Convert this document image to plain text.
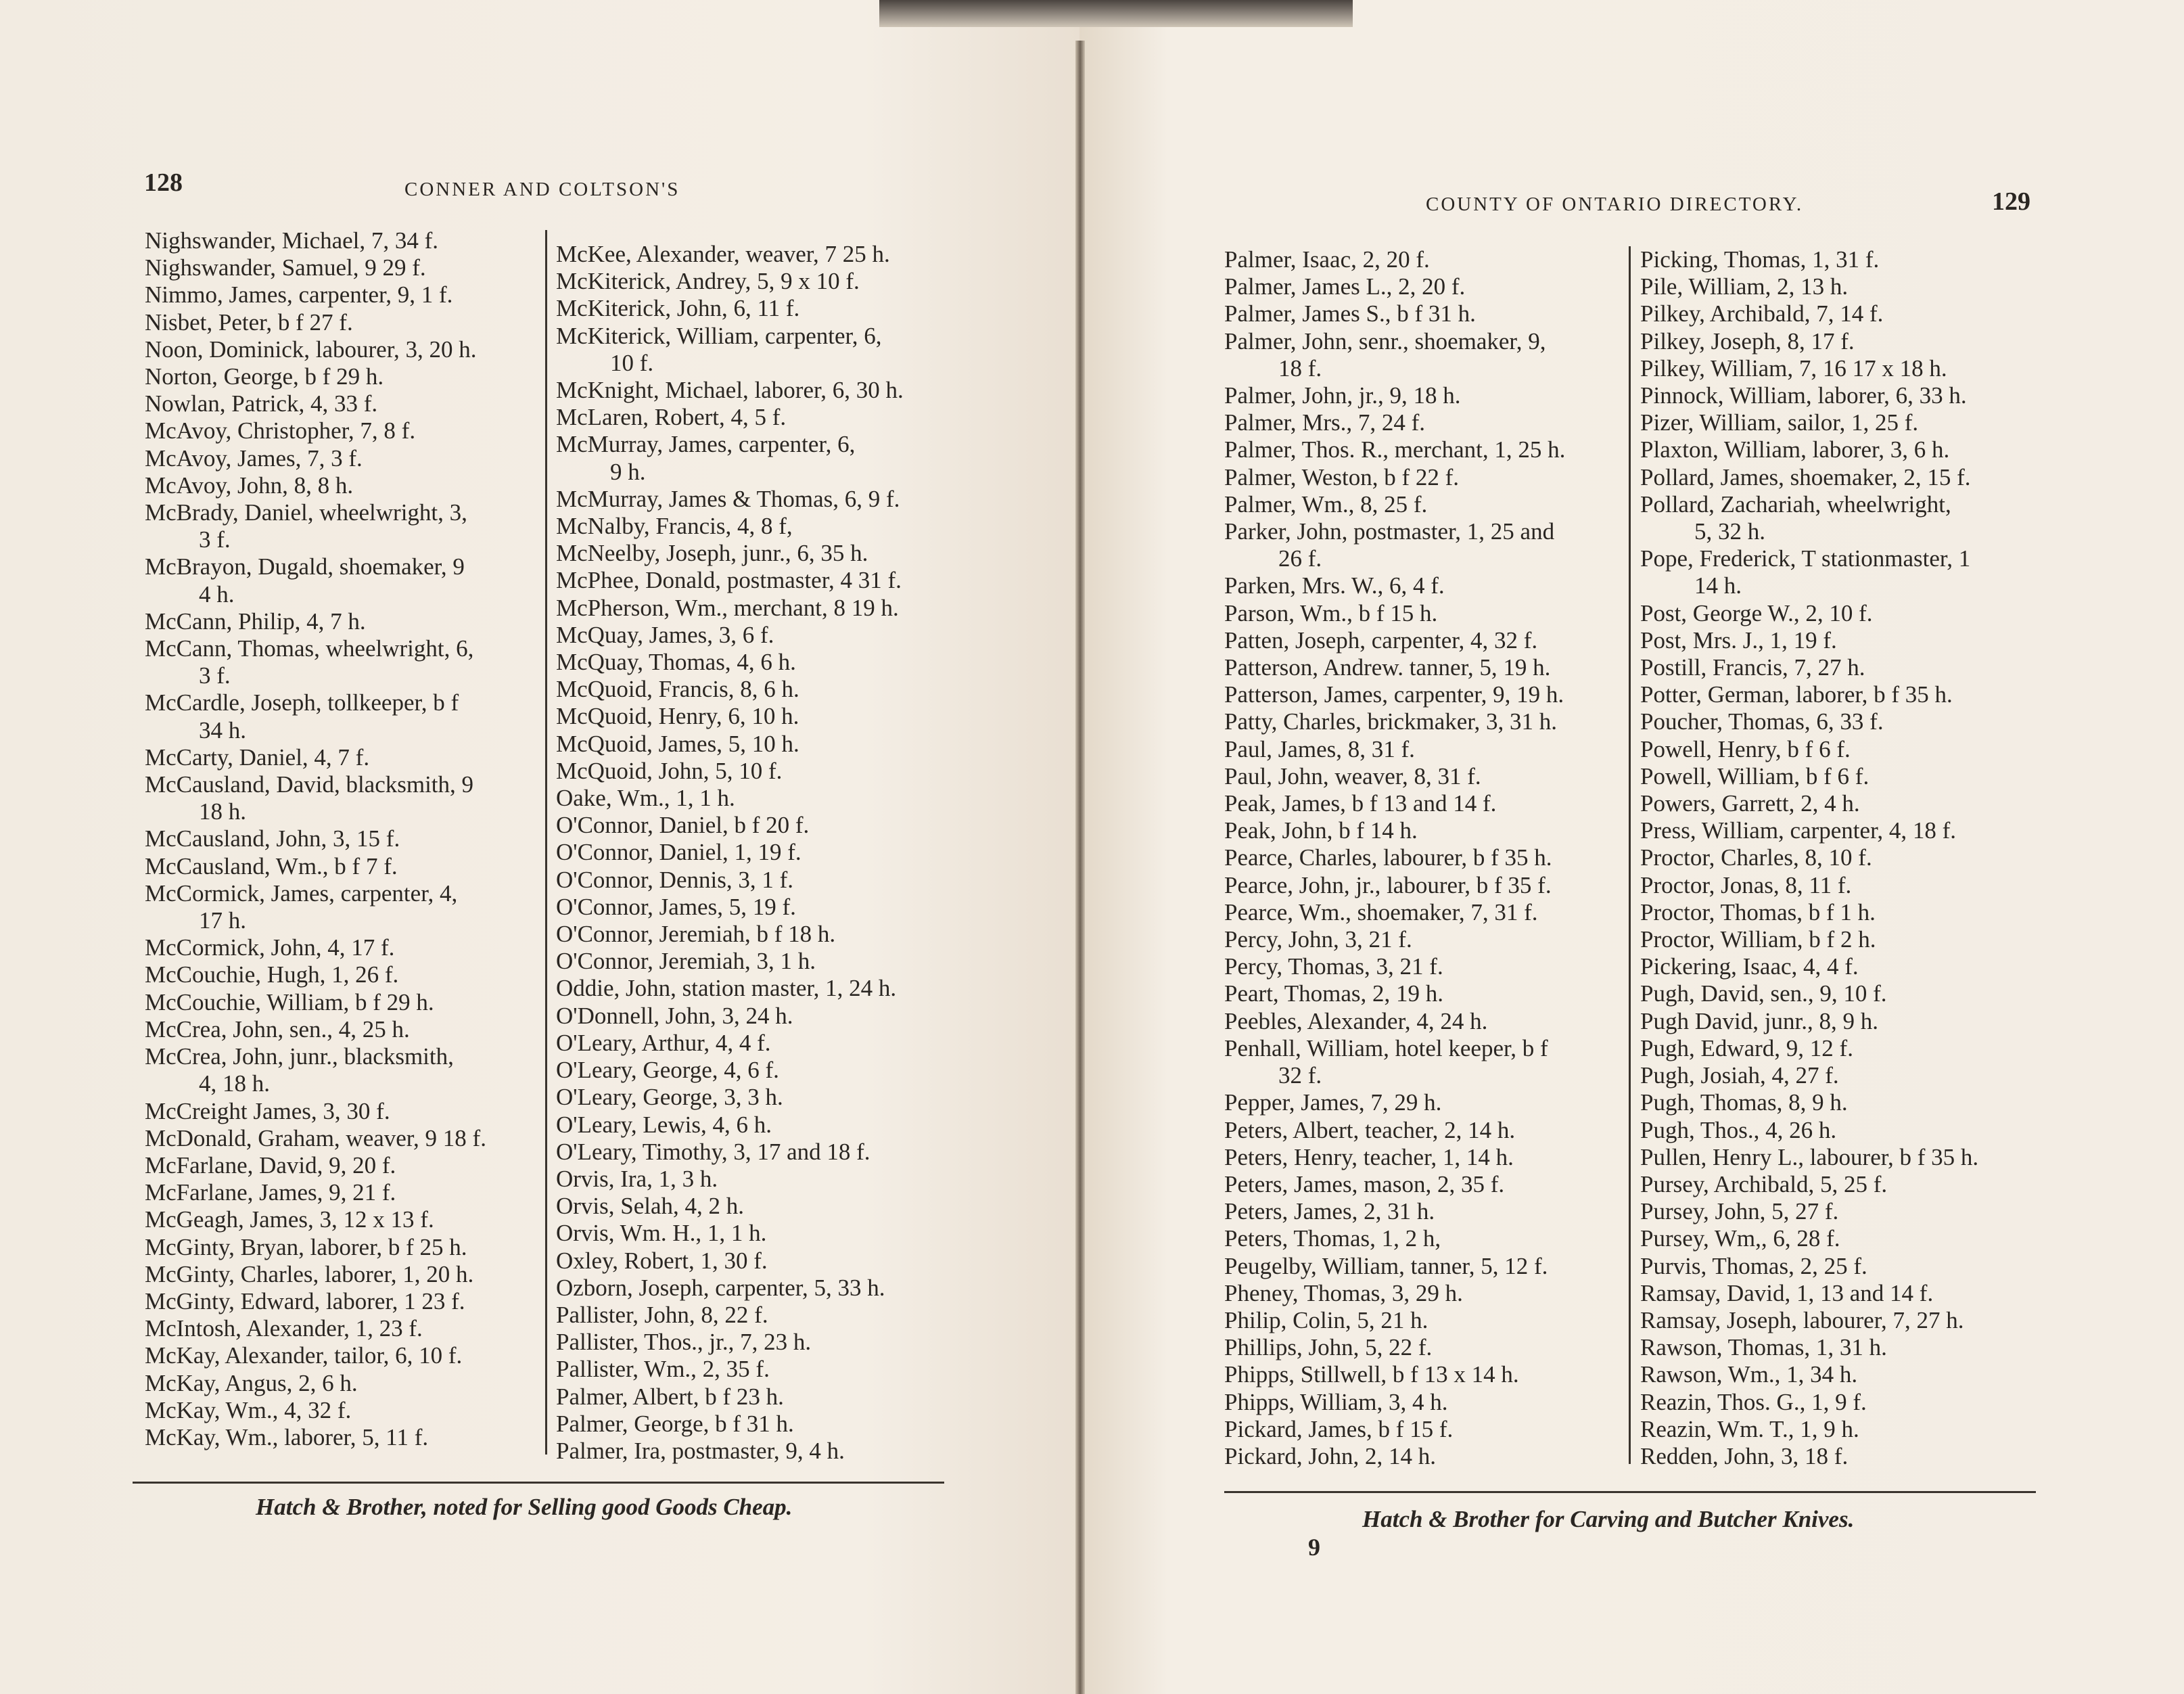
128	CONNER AND COLTSON'S
Nighswander, Michael, 7, 34 f.
Nighswander, Samuel, 9 29 f.
Nimmo, James, carpenter, 9, 1 f.
Nisbet, Peter, b f 27 f.
Noon, Dominick, labourer, 3, 20 h.
Norton, George, b f 29 h.
Nowlan, Patrick, 4, 33 f.
McAvoy, Christopher, 7, 8 f.
McAvoy, James, 7, 3 f.
McAvoy, John, 8, 8 h.
McBrady, Daniel, wheelwright, 3,
3 f.
McBrayon, Dugald, shoemaker, 9
4 h.
McCann, Philip, 4, 7 h.
McCann, Thomas, wheelwright, 6,
3 f.
McCardle, Joseph, tollkeeper, b f
34 h.
McCarty, Daniel, 4, 7 f.
McCausland, David, blacksmith, 9
18 h.
McCausland, John, 3, 15 f.
McCausland, Wm., b f 7 f.
McCormick, James, carpenter, 4,
17 h.
McCormick, John, 4, 17 f.
McCouchie, Hugh, 1, 26 f.
McCouchie, William, b f 29 h.
McCrea, John, sen., 4, 25 h.
McCrea, John, junr., blacksmith,
4, 18 h.
McCreight James, 3, 30 f.
McDonald, Graham, weaver, 9 18 f.
McFarlane, David, 9, 20 f.
McFarlane, James, 9, 21 f.
McGeagh, James, 3, 12 x 13 f.
McGinty, Bryan, laborer, b f 25 h.
McGinty, Charles, laborer, 1, 20 h.
McGinty, Edward, laborer, 1 23 f.
McIntosh, Alexander, 1, 23 f.
McKay, Alexander, tailor, 6, 10 f.
McKay, Angus, 2, 6 h.
McKay, Wm., 4, 32 f.
McKay, Wm., laborer, 5, 11 f.
McKee, Alexander, weaver, 7 25 h.
McKiterick, Andrey, 5, 9 x 10 f.
McKiterick, John, 6, 11 f.
McKiterick, William, carpenter, 6,
10 f.
McKnight, Michael, laborer, 6, 30 h.
McLaren, Robert, 4, 5 f.
McMurray, James, carpenter, 6,
9 h.
McMurray, James & Thomas, 6, 9 f.
McNalby, Francis, 4, 8 f,
McNeelby, Joseph, junr., 6, 35 h.
McPhee, Donald, postmaster, 4 31 f.
McPherson, Wm., merchant, 8 19 h.
McQuay, James, 3, 6 f.
McQuay, Thomas, 4, 6 h.
McQuoid, Francis, 8, 6 h.
McQuoid, Henry, 6, 10 h.
McQuoid, James, 5, 10 h.
McQuoid, John, 5, 10 f.
Oake, Wm., 1, 1 h.
O'Connor, Daniel, b f 20 f.
O'Connor, Daniel, 1, 19 f.
O'Connor, Dennis, 3, 1 f.
O'Connor, James, 5, 19 f.
O'Connor, Jeremiah, b f 18 h.
O'Connor, Jeremiah, 3, 1 h.
Oddie, John, station master, 1, 24 h.
O'Donnell, John, 3, 24 h.
O'Leary, Arthur, 4, 4 f.
O'Leary, George, 4, 6 f.
O'Leary, George, 3, 3 h.
O'Leary, Lewis, 4, 6 h.
O'Leary, Timothy, 3, 17 and 18 f.
Orvis, Ira, 1, 3 h.
Orvis, Selah, 4, 2 h.
Orvis, Wm. H., 1, 1 h.
Oxley, Robert, 1, 30 f.
Ozborn, Joseph, carpenter, 5, 33 h.
Pallister, John, 8, 22 f.
Pallister, Thos., jr., 7, 23 h.
Pallister, Wm., 2, 35 f.
Palmer, Albert, b f 23 h.
Palmer, George, b f 31 h.
Palmer, Ira, postmaster, 9, 4 h.
Hatch & Brother, noted for Selling good Goods Cheap.
COUNTY OF ONTARIO DIRECTORY.	129
Palmer, Isaac, 2, 20 f.
Palmer, James L., 2, 20 f.
Palmer, James S., b f 31 h.
Palmer, John, senr., shoemaker, 9,
18 f.
Palmer, John, jr., 9, 18 h.
Palmer, Mrs., 7, 24 f.
Palmer, Thos. R., merchant, 1, 25 h.
Palmer, Weston, b f 22 f.
Palmer, Wm., 8, 25 f.
Parker, John, postmaster, 1, 25 and
26 f.
Parken, Mrs. W., 6, 4 f.
Parson, Wm., b f 15 h.
Patten, Joseph, carpenter, 4, 32 f.
Patterson, Andrew. tanner, 5, 19 h.
Patterson, James, carpenter, 9, 19 h.
Patty, Charles, brickmaker, 3, 31 h.
Paul, James, 8, 31 f.
Paul, John, weaver, 8, 31 f.
Peak, James, b f 13 and 14 f.
Peak, John, b f 14 h.
Pearce, Charles, labourer, b f 35 h.
Pearce, John, jr., labourer, b f 35 f.
Pearce, Wm., shoemaker, 7, 31 f.
Percy, John, 3, 21 f.
Percy, Thomas, 3, 21 f.
Peart, Thomas, 2, 19 h.
Peebles, Alexander, 4, 24 h.
Penhall, William, hotel keeper, b f
32 f.
Pepper, James, 7, 29 h.
Peters, Albert, teacher, 2, 14 h.
Peters, Henry, teacher, 1, 14 h.
Peters, James, mason, 2, 35 f.
Peters, James, 2, 31 h.
Peters, Thomas, 1, 2 h,
Peugelby, William, tanner, 5, 12 f.
Pheney, Thomas, 3, 29 h.
Philip, Colin, 5, 21 h.
Phillips, John, 5, 22 f.
Phipps, Stillwell, b f 13 x 14 h.
Phipps, William, 3, 4 h.
Pickard, James, b f 15 f.
Pickard, John, 2, 14 h.
Picking, Thomas, 1, 31 f.
Pile, William, 2, 13 h.
Pilkey, Archibald, 7, 14 f.
Pilkey, Joseph, 8, 17 f.
Pilkey, William, 7, 16 17 x 18 h.
Pinnock, William, laborer, 6, 33 h.
Pizer, William, sailor, 1, 25 f.
Plaxton, William, laborer, 3, 6 h.
Pollard, James, shoemaker, 2, 15 f.
Pollard, Zachariah, wheelwright,
5, 32 h.
Pope, Frederick, T stationmaster, 1
14 h.
Post, George W., 2, 10 f.
Post, Mrs. J., 1, 19 f.
Postill, Francis, 7, 27 h.
Potter, German, laborer, b f 35 h.
Poucher, Thomas, 6, 33 f.
Powell, Henry, b f 6 f.
Powell, William, b f 6 f.
Powers, Garrett, 2, 4 h.
Press, William, carpenter, 4, 18 f.
Proctor, Charles, 8, 10 f.
Proctor, Jonas, 8, 11 f.
Proctor, Thomas, b f 1 h.
Proctor, William, b f 2 h.
Pickering, Isaac, 4, 4 f.
Pugh, David, sen., 9, 10 f.
Pugh David, junr., 8, 9 h.
Pugh, Edward, 9, 12 f.
Pugh, Josiah, 4, 27 f.
Pugh, Thomas, 8, 9 h.
Pugh, Thos., 4, 26 h.
Pullen, Henry L., labourer, b f 35 h.
Pursey, Archibald, 5, 25 f.
Pursey, John, 5, 27 f.
Pursey, Wm,, 6, 28 f.
Purvis, Thomas, 2, 25 f.
Ramsay, David, 1, 13 and 14 f.
Ramsay, Joseph, labourer, 7, 27 h.
Rawson, Thomas, 1, 31 h.
Rawson, Wm., 1, 34 h.
Reazin, Thos. G., 1, 9 f.
Reazin, Wm. T., 1, 9 h.
Redden, John, 3, 18 f.
Hatch & Brother for Carving and Butcher Knives.
9
